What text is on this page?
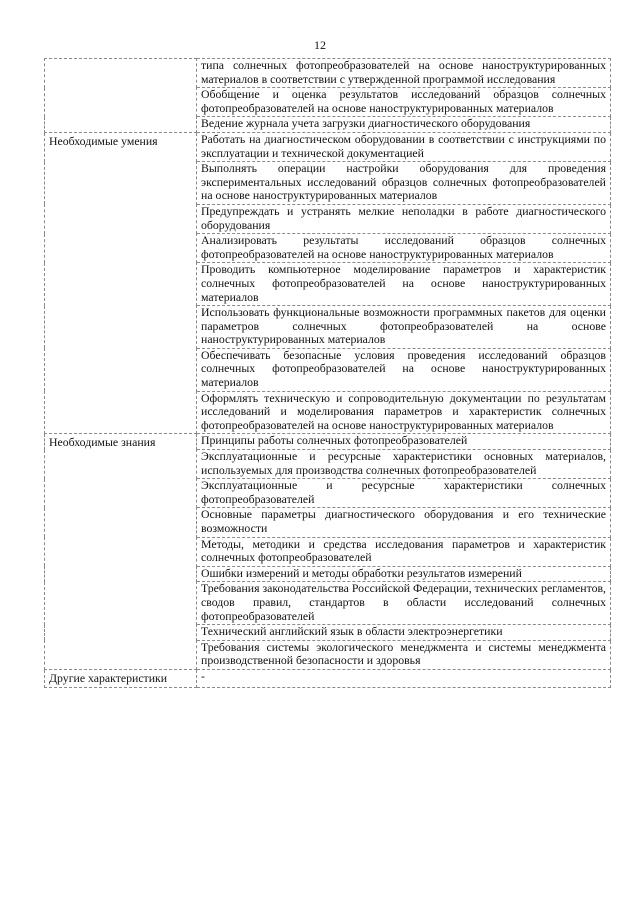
12
	типа солнечных фотопреобразователей на основе наноструктурированных материалов в соответствии с утвержденной программой исследования
	Обобщение и оценка результатов исследований образцов солнечных фотопреобразователей на основе наноструктурированных материалов
	Ведение журнала учета загрузки диагностического оборудования
Необходимые умения	Работать на диагностическом оборудовании в соответствии с инструкциями по эксплуатации и технической документацией
	Выполнять операции настройки оборудования для проведения экспериментальных исследований образцов солнечных фотопреобразователей на основе наноструктурированных материалов
	Предупреждать и устранять мелкие неполадки в работе диагностического оборудования
	Анализировать результаты исследований образцов солнечных фотопреобразователей на основе наноструктурированных материалов
	Проводить компьютерное моделирование параметров и характеристик солнечных фотопреобразователей на основе наноструктурированных материалов
	Использовать функциональные возможности программных пакетов для оценки параметров солнечных фотопреобразователей на основе наноструктурированных материалов
	Обеспечивать безопасные условия проведения исследований образцов солнечных фотопреобразователей на основе наноструктурированных материалов
	Оформлять техническую и сопроводительную документации по результатам исследований и моделирования параметров и характеристик солнечных фотопреобразователей на основе наноструктурированных материалов
Необходимые знания	Принципы работы солнечных фотопреобразователей
	Эксплуатационные и ресурсные характеристики основных материалов, используемых для производства солнечных фотопреобразователей
	Эксплуатационные и ресурсные характеристики солнечных фотопреобразователей
	Основные параметры диагностического оборудования и его технические возможности
	Методы, методики и средства исследования параметров и характеристик солнечных фотопреобразователей
	Ошибки измерений и методы обработки результатов измерений
	Требования законодательства Российской Федерации, технических регламентов, сводов правил, стандартов в области исследований солнечных фотопреобразователей
	Технический английский язык в области электроэнергетики
	Требования системы экологического менеджмента и системы менеджмента производственной безопасности и здоровья
Другие характеристики	-
